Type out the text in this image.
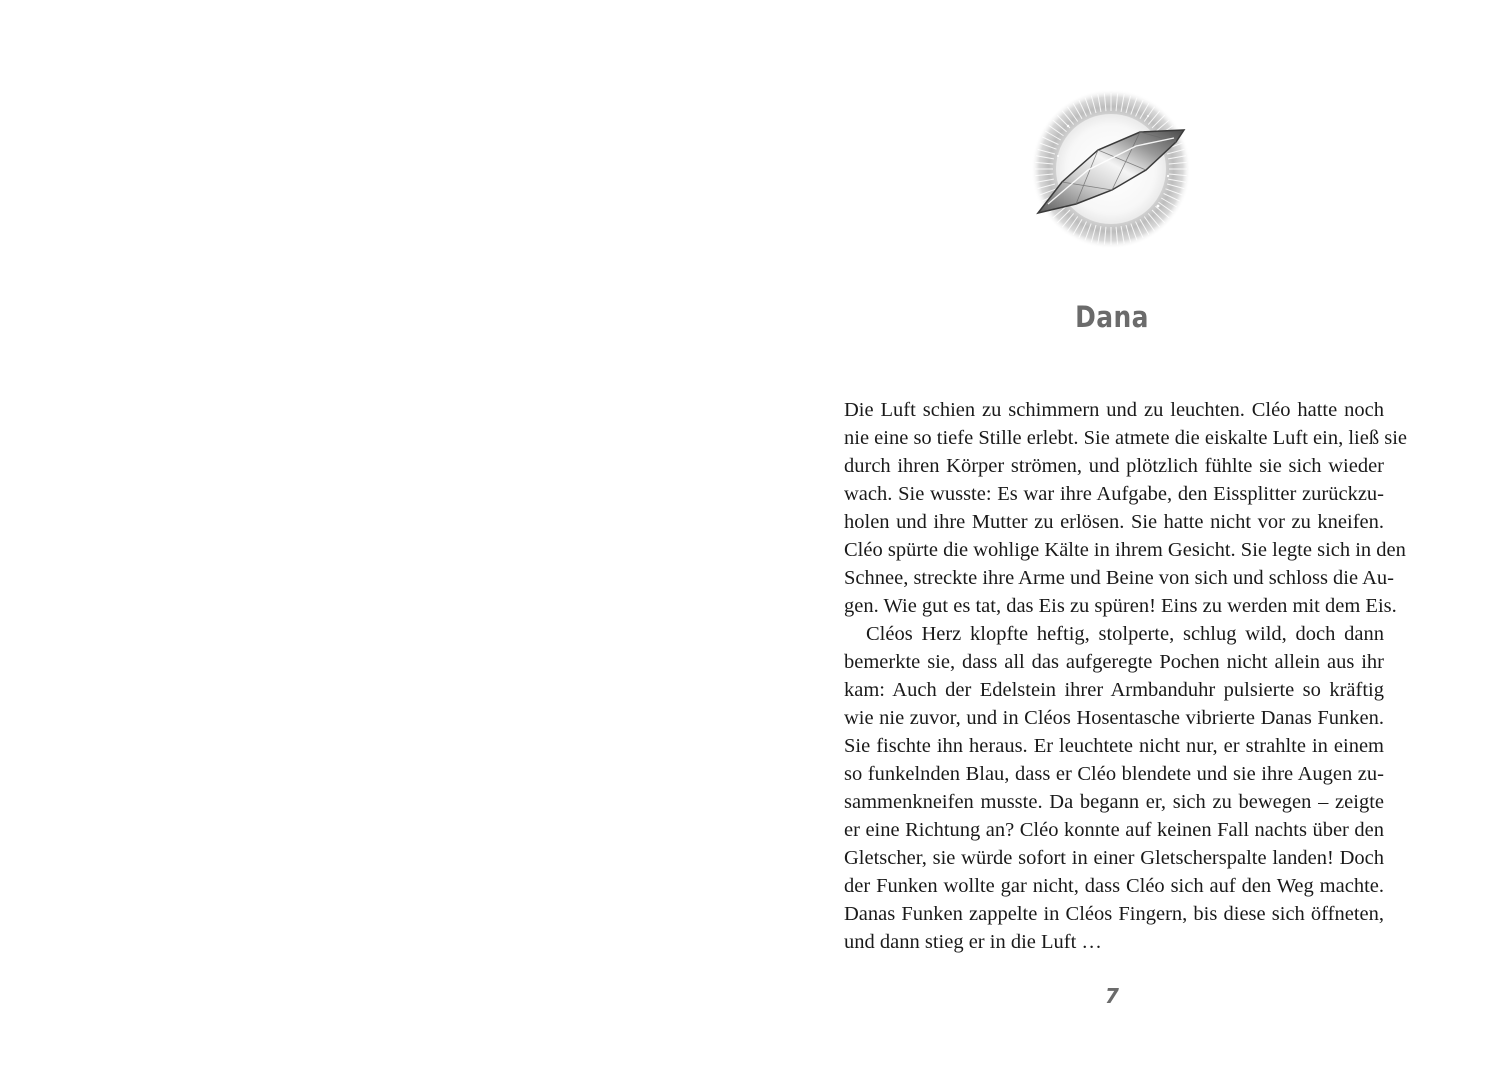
Dana
Die Luft schien zu schimmern und zu leuchten. Cléo hatte noch
nie eine so tiefe Stille erlebt. Sie atmete die eiskalte Luft ein, ließ sie
durch ihren Körper strömen, und plötzlich fühlte sie sich wieder
wach. Sie wusste: Es war ihre Aufgabe, den Eissplitter zurückzu-
holen und ihre Mutter zu erlösen. Sie hatte nicht vor zu kneifen.
Cléo spürte die wohlige Kälte in ihrem Gesicht. Sie legte sich in den
Schnee, streckte ihre Arme und Beine von sich und schloss die Au-
gen. Wie gut es tat, das Eis zu spüren! Eins zu werden mit dem Eis.
Cléos Herz klopfte heftig, stolperte, schlug wild, doch dann
bemerkte sie, dass all das aufgeregte Pochen nicht allein aus ihr
kam: Auch der Edelstein ihrer Armbanduhr pulsierte so kräftig
wie nie zuvor, und in Cléos Hosentasche vibrierte Danas Funken.
Sie fischte ihn heraus. Er leuchtete nicht nur, er strahlte in einem
so funkelnden Blau, dass er Cléo blendete und sie ihre Augen zu-
sammenkneifen musste. Da begann er, sich zu bewegen – zeigte
er eine Richtung an? Cléo konnte auf keinen Fall nachts über den
Gletscher, sie würde sofort in einer Gletscherspalte landen! Doch
der Funken wollte gar nicht, dass Cléo sich auf den Weg machte.
Danas Funken zappelte in Cléos Fingern, bis diese sich öffneten,
und dann stieg er in die Luft …
7
